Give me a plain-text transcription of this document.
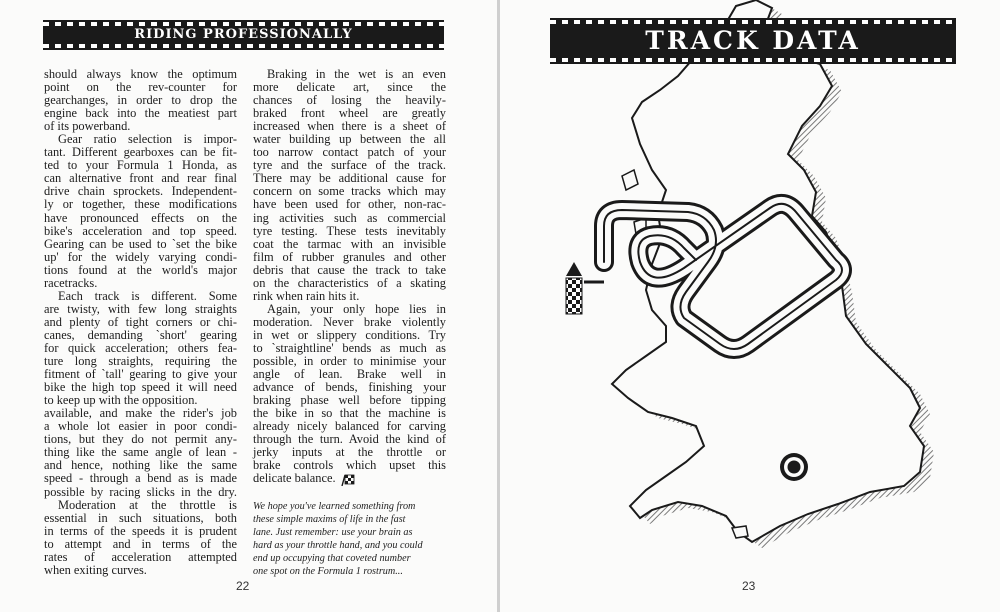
RIDING PROFESSIONALLY
should always know the optimum
point on the rev-counter for
gearchanges, in order to drop the
engine back into the meatiest part
of its powerband.
Gear ratio selection is impor-
tant. Different gearboxes can be fit-
ted to your Formula 1 Honda, as
can alternative front and rear final
drive chain sprockets. Independent-
ly or together, these modifications
have pronounced effects on the
bike's acceleration and top speed.
Gearing can be used to `set the bike
up' for the widely varying condi-
tions found at the world's major
racetracks.
Each track is different. Some
are twisty, with few long straights
and plenty of tight corners or chi-
canes, demanding `short' gearing
for quick acceleration; others fea-
ture long straights, requiring the
fitment of `tall' gearing to give your
bike the high top speed it will need
to keep up with the opposition.
available, and make the rider's job
a whole lot easier in poor condi-
tions, but they do not permit any-
thing like the same angle of lean -
and hence, nothing like the same
speed - through a bend as is made
possible by racing slicks in the dry.
Moderation at the throttle is
essential in such situations, both
in terms of the speeds it is prudent
to attempt and in terms of the
rates of acceleration attempted
when exiting curves.
Braking in the wet is an even
more delicate art, since the
chances of losing the heavily-
braked front wheel are greatly
increased when there is a sheet of
water building up between the all
too narrow contact patch of your
tyre and the surface of the track.
There may be additional cause for
concern on some tracks which may
have been used for other, non-rac-
ing activities such as commercial
tyre testing. These tests inevitably
coat the tarmac with an invisible
film of rubber granules and other
debris that cause the track to take
on the characteristics of a skating
rink when rain hits it.
Again, your only hope lies in
moderation. Never brake violently
in wet or slippery conditions. Try
to `straightline' bends as much as
possible, in order to minimise your
angle of lean. Brake well in
advance of bends, finishing your
braking phase well before tipping
the bike in so that the machine is
already nicely balanced for carving
through the turn. Avoid the kind of
jerky inputs at the throttle or
brake controls which upset this
delicate balance.
We hope you've learned something from
these simple maxims of life in the fast
lane. Just remember: use your brain as
hard as your throttle hand, and you could
end up occupying that coveted number
one spot on the Formula 1 rostrum...
22
TRACK DATA
23
